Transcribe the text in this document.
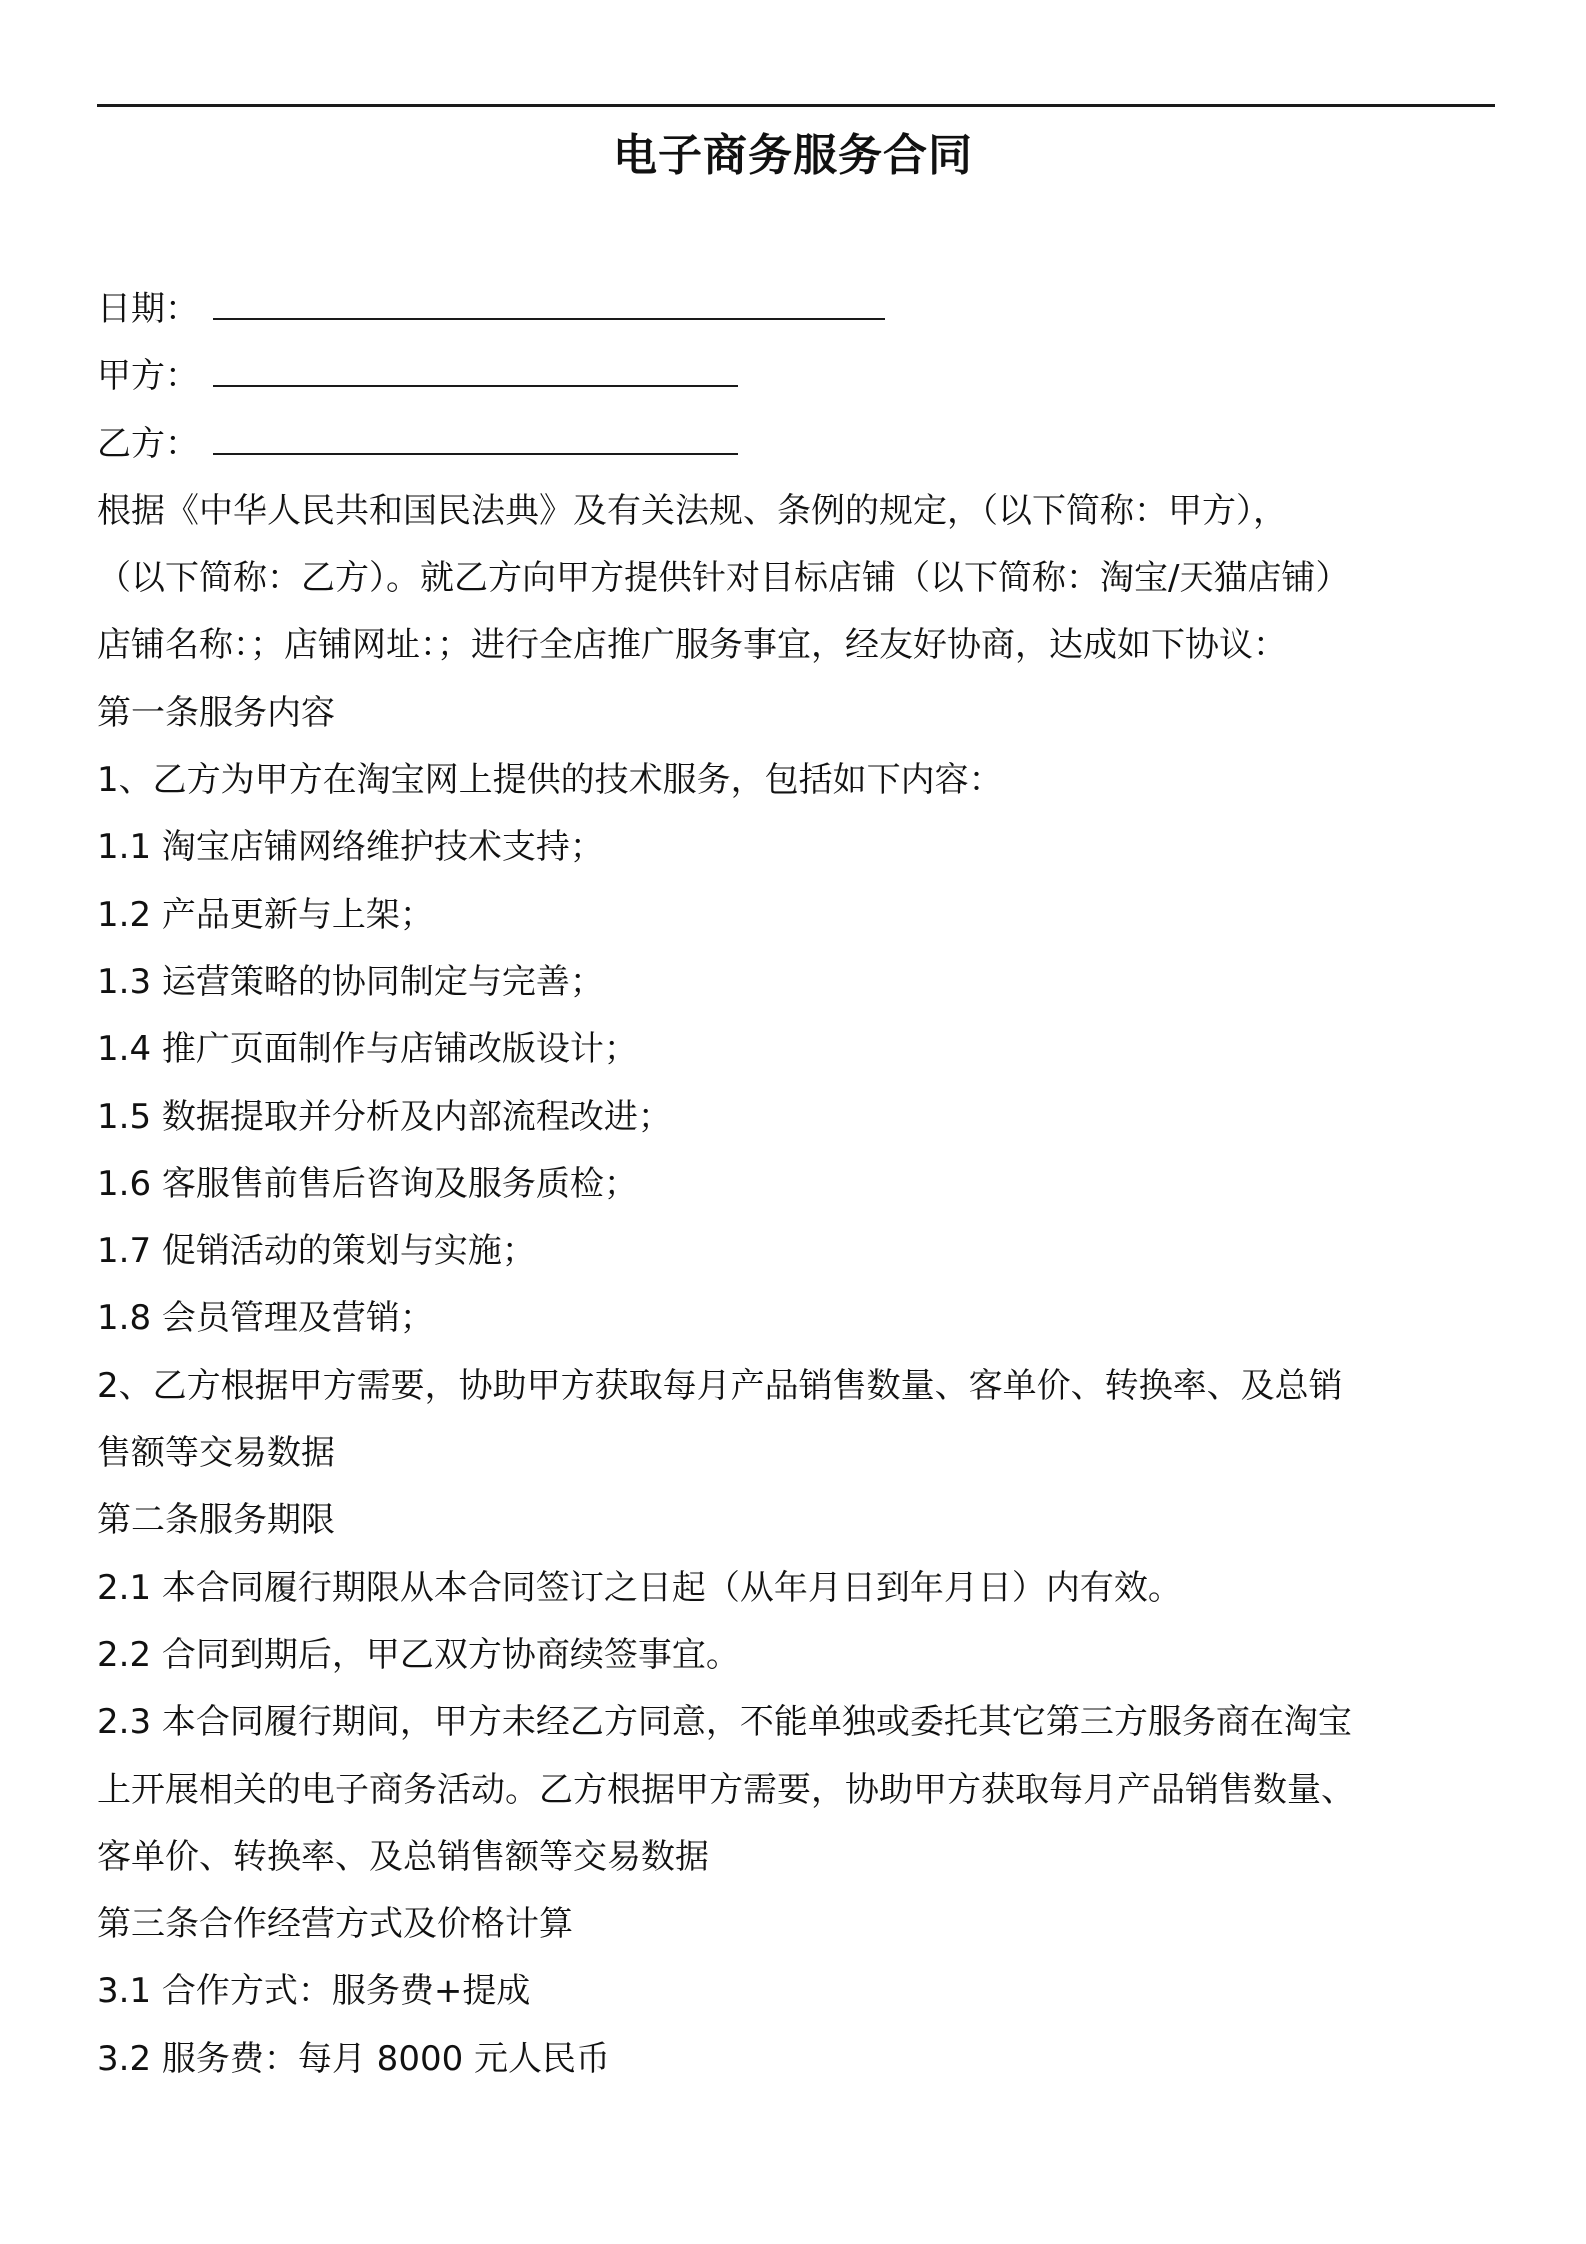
电子商务服务合同
日期：
甲方：
乙方：
根据《中华人民共和国民法典》及有关法规、条例的规定，（以下简称：甲方），
（以下简称：乙方）。就乙方向甲方提供针对目标店铺（以下简称：淘宝/天猫店铺）
店铺名称：；店铺网址：；进行全店推广服务事宜，经友好协商，达成如下协议：
第一条服务内容
1、乙方为甲方在淘宝网上提供的技术服务，包括如下内容：
1.1 淘宝店铺网络维护技术支持；
1.2 产品更新与上架；
1.3 运营策略的协同制定与完善；
1.4 推广页面制作与店铺改版设计；
1.5 数据提取并分析及内部流程改进；
1.6 客服售前售后咨询及服务质检；
1.7 促销活动的策划与实施；
1.8 会员管理及营销；
2、乙方根据甲方需要，协助甲方获取每月产品销售数量、客单价、转换率、及总销
售额等交易数据
第二条服务期限
2.1 本合同履行期限从本合同签订之日起（从年月日到年月日）内有效。
2.2 合同到期后，甲乙双方协商续签事宜。
2.3 本合同履行期间，甲方未经乙方同意，不能单独或委托其它第三方服务商在淘宝
上开展相关的电子商务活动。乙方根据甲方需要，协助甲方获取每月产品销售数量、
客单价、转换率、及总销售额等交易数据
第三条合作经营方式及价格计算
3.1 合作方式：服务费+提成
3.2 服务费：每月 8000 元人民币
